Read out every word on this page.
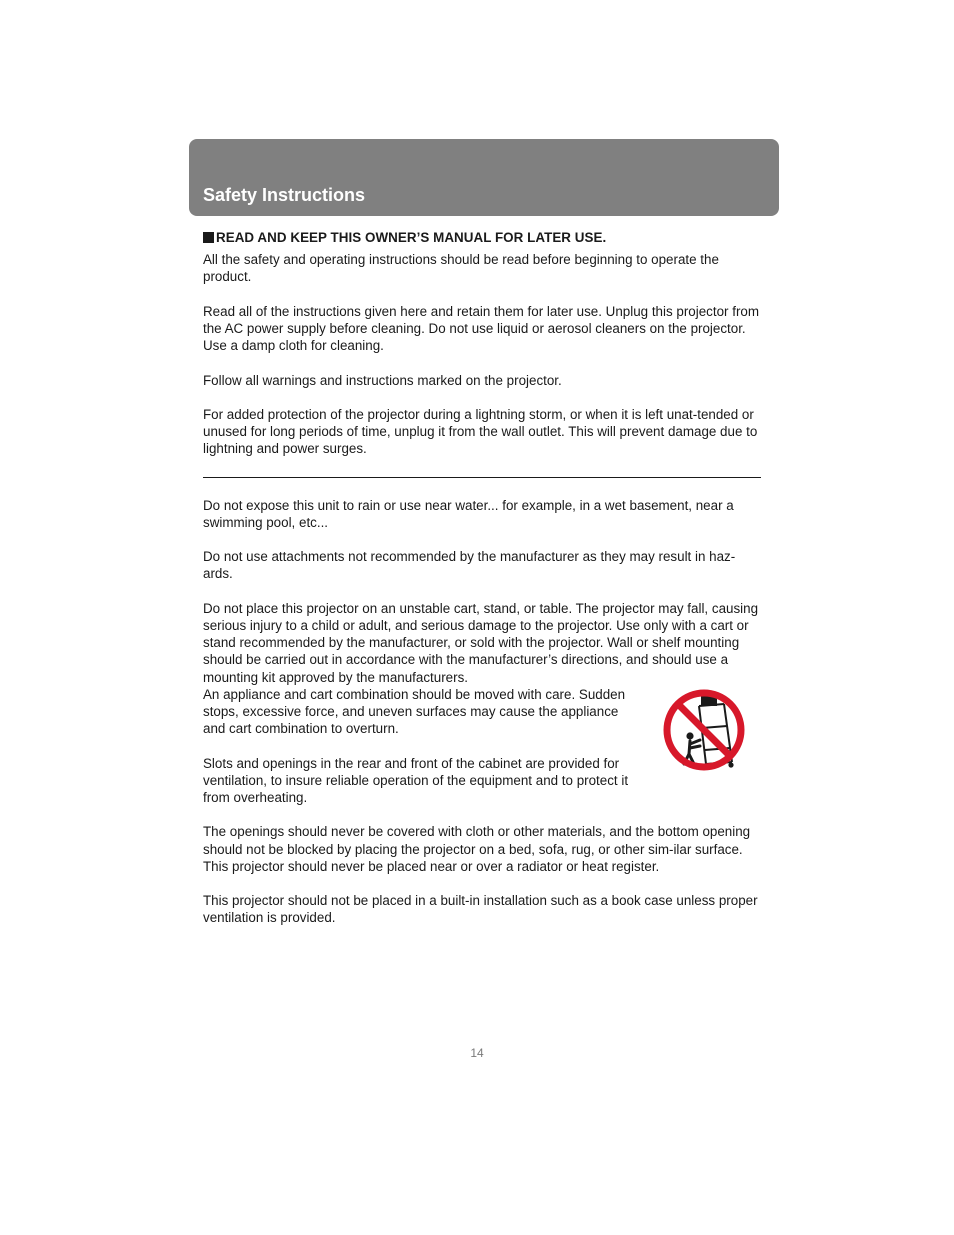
Safety Instructions
READ AND KEEP THIS OWNER’S MANUAL FOR LATER USE.

All the safety and operating instructions should be read before beginning to operate the product.

Read all of the instructions given here and retain them for later use. Unplug this projector from the AC power supply before cleaning. Do not use liquid or aerosol cleaners on the projector. Use a damp cloth for cleaning.

Follow all warnings and instructions marked on the projector.

For added protection of the projector during a lightning storm, or when it is left unat-tended or unused for long periods of time, unplug it from the wall outlet. This will prevent damage due to lightning and power surges.

Do not expose this unit to rain or use near water... for example, in a wet basement, near a swimming pool, etc...

Do not use attachments not recommended by the manufacturer as they may result in haz-ards.

Do not place this projector on an unstable cart, stand, or table. The projector may fall, causing serious injury to a child or adult, and serious damage to the projector. Use only with a cart or stand recommended by the manufacturer, or sold with the projector. Wall or shelf mounting should be carried out in accordance with the manufacturer’s directions, and should use a mounting kit approved by the manufacturers.

An appliance and cart combination should be moved with care. Sudden stops, excessive force, and uneven surfaces may cause the appliance and cart combination to overturn.

Slots and openings in the rear and front of the cabinet are provided for ventilation, to insure reliable operation of the equipment and to protect it from overheating.

The openings should never be covered with cloth or other materials, and the bottom opening should not be blocked by placing the projector on a bed, sofa, rug, or other sim-ilar surface. This projector should never be placed near or over a radiator or heat register.

This projector should not be placed in a built-in installation such as a book case unless proper ventilation is provided.

14
